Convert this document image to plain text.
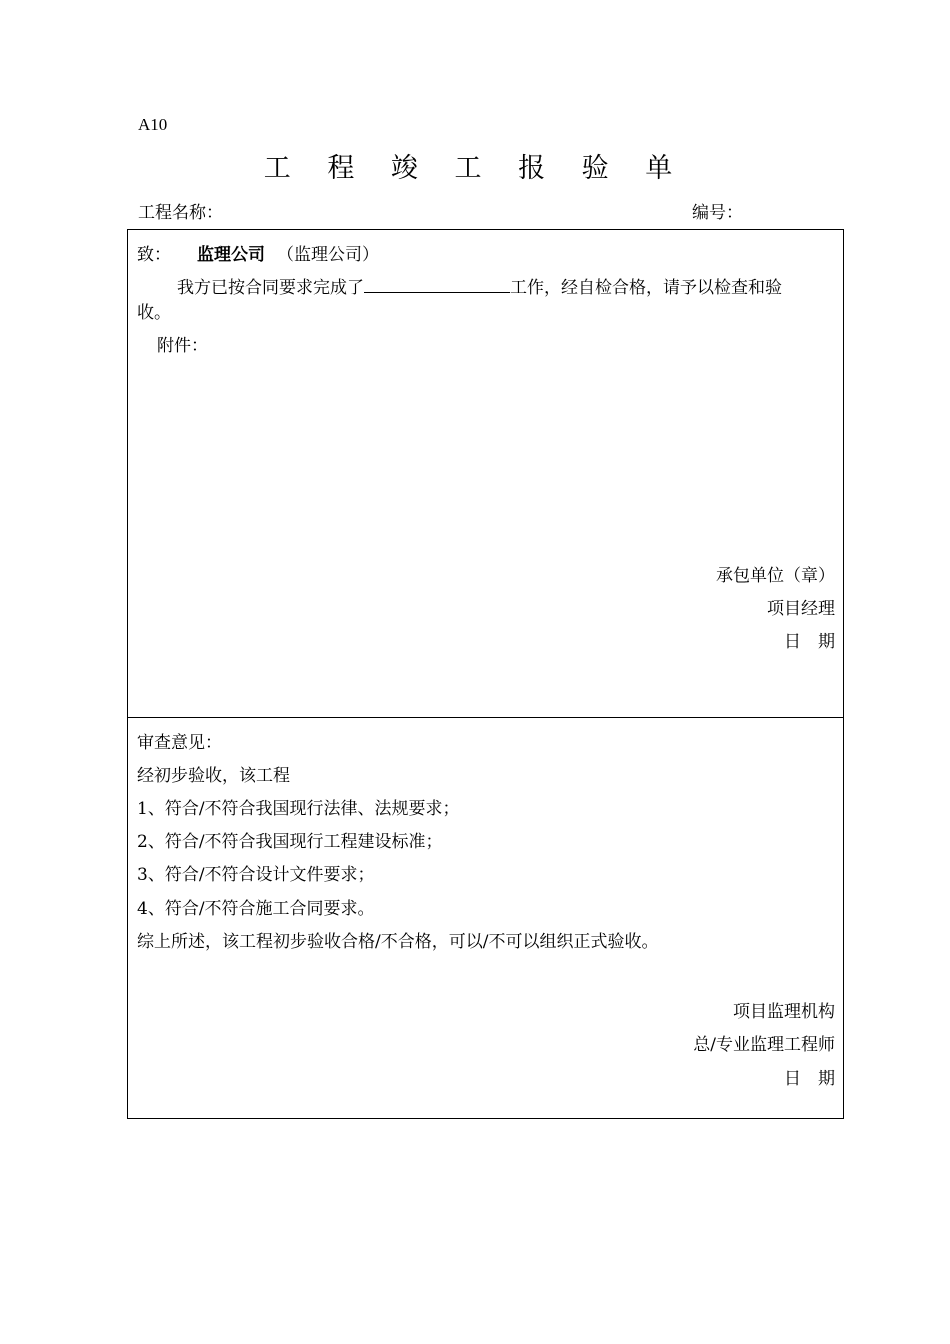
A10
工 程 竣 工 报 验 单
工程名称：	编号：
致： 监理公司 （监理公司）
我方已按合同要求完成了	工作，经自检合格，请予以检查和验
收。
附件：
承包单位（章）
项目经理
日　期
审查意见：
经初步验收，该工程
1、符合/不符合我国现行法律、法规要求；
2、符合/不符合我国现行工程建设标准；
3、符合/不符合设计文件要求；
4、符合/不符合施工合同要求。
综上所述，该工程初步验收合格/不合格，可以/不可以组织正式验收。
项目监理机构
总/专业监理工程师
日　期
